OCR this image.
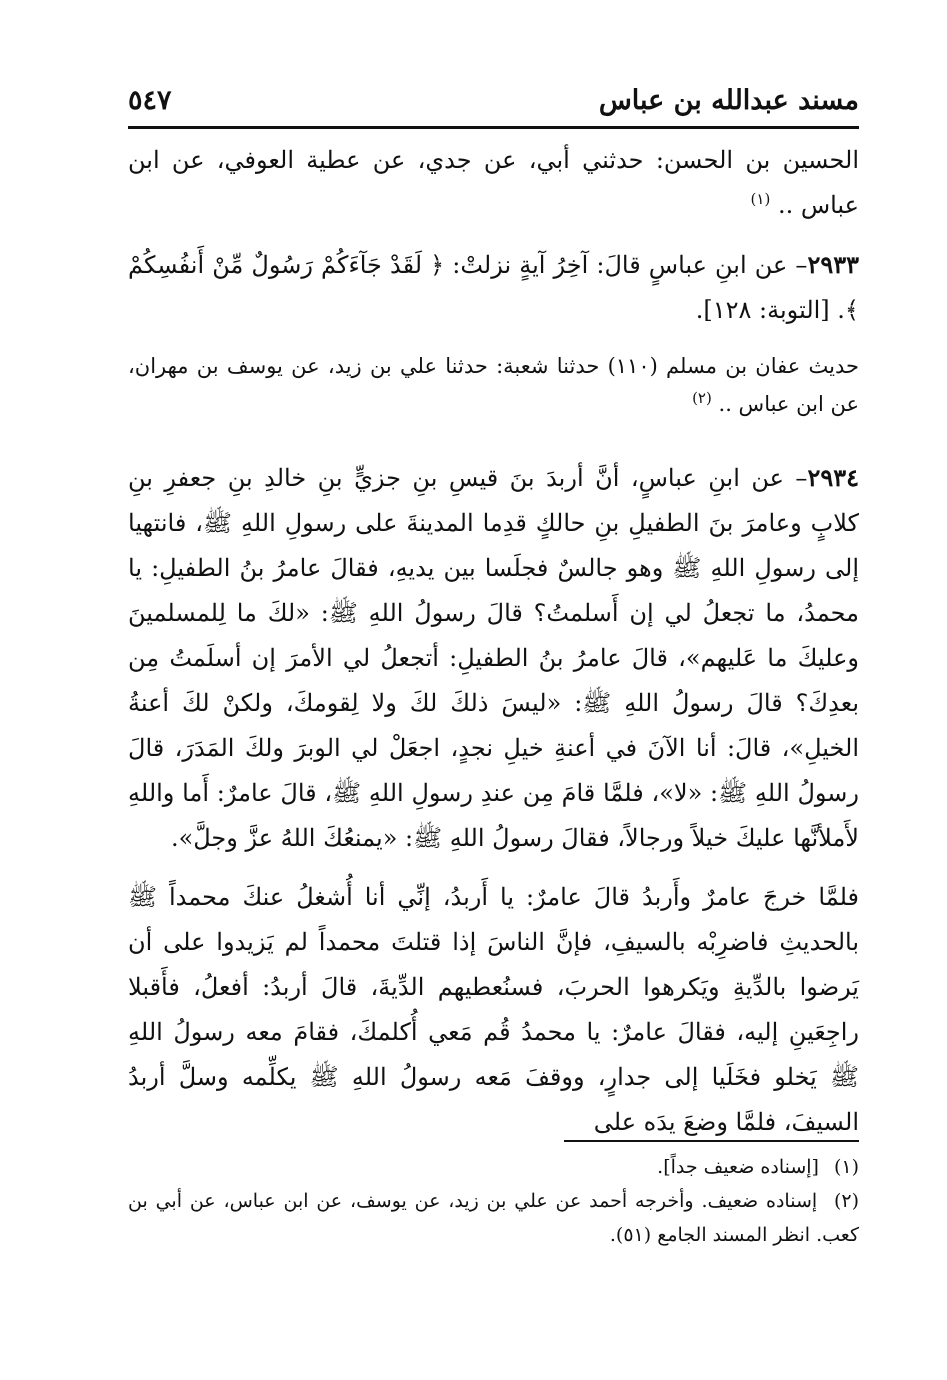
مسند عبدالله بن عباس
٥٤٧

الحسين بن الحسن: حدثني أبي، عن جدي، عن عطية العوفي، عن ابن عباس .. $^{(١)}$

٢٩٣٣– عن ابنِ عباسٍ قالَ: آخِرُ آيةٍ نزلتْ: ﴿ لَقَدْ جَآءَكُمْ رَسُولٌ مِّنْ أَنفُسِكُمْ ﴾. [التوبة: ١٢٨].

حديث عفان بن مسلم (١١٠) حدثنا شعبة: حدثنا علي بن زيد، عن يوسف بن مهران، عن ابن عباس .. $^{(٢)}$

٢٩٣٤– عن ابنِ عباسٍ، أنَّ أربدَ بنَ قيسِ بنِ جزيٍّ بنِ خالدِ بنِ جعفرِ بنِ كلابٍ وعامرَ بنَ الطفيلِ بنِ حالكٍ قدِما المدينةَ على رسولِ اللهِ ﷺ، فانتهيا إلى رسولِ اللهِ ﷺ وهو جالسٌ فجلَسا بين يديهِ، فقالَ عامرُ بنُ الطفيلِ: يا محمدُ، ما تجعلُ لي إن أَسلمتُ؟ قالَ رسولُ اللهِ ﷺ: «لكَ ما لِلمسلمينَ وعليكَ ما عَليهم»، قالَ عامرُ بنُ الطفيلِ: أتجعلُ لي الأمرَ إن أسلَمتُ مِن بعدِكَ؟ قالَ رسولُ اللهِ ﷺ: «ليسَ ذلكَ لكَ ولا لِقومكَ، ولكنْ لكَ أعنةُ الخيلِ»، قالَ: أنا الآنَ في أعنةِ خيلِ نجدٍ، اجعَلْ لي الوبرَ ولكَ المَدَرَ، قالَ رسولُ اللهِ ﷺ: «لا»، فلمَّا قامَ مِن عندِ رسولِ اللهِ ﷺ، قالَ عامرٌ: أَما واللهِ لأَملأنَّها عليكَ خيلاً ورجالاً، فقالَ رسولُ اللهِ ﷺ: «يمنعُكَ اللهُ عزَّ وجلَّ».

فلمَّا خرجَ عامرٌ وأَربدُ قالَ عامرٌ: يا أَربدُ، إنِّي أنا أُشغلُ عنكَ محمداً ﷺ بالحديثِ فاضرِبْه بالسيفِ، فإنَّ الناسَ إذا قتلتَ محمداً لم يَزيدوا على أن يَرضوا بالدِّيةِ ويَكرهوا الحربَ، فسنُعطيهم الدِّيةَ، قالَ أربدُ: أفعلُ، فأَقبلا راجِعَينِ إليه، فقالَ عامرٌ: يا محمدُ قُم مَعي أُكلمكَ، فقامَ معه رسولُ اللهِ ﷺ يَخلو فخَلَيا إلى جدارٍ، ووقفَ مَعه رسولُ اللهِ ﷺ يكلِّمه وسلَّ أربدُ السيفَ، فلمَّا وضعَ يدَه على

(١) [إسناده ضعيف جداً].

(٢) إسناده ضعيف. وأخرجه أحمد عن علي بن زيد، عن يوسف، عن ابن عباس، عن أبي بن كعب. انظر المسند الجامع (٥١).
